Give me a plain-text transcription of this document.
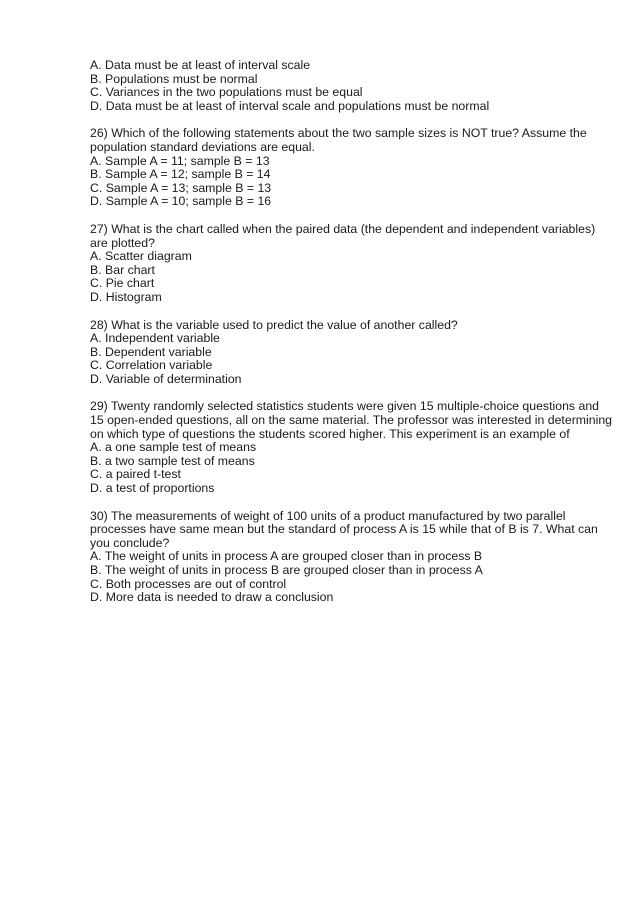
A. Data must be at least of interval scale
B. Populations must be normal
C. Variances in the two populations must be equal
D. Data must be at least of interval scale and populations must be normal
26) Which of the following statements about the two sample sizes is NOT true? Assume the
population standard deviations are equal.
A. Sample A = 11; sample B = 13
B. Sample A = 12; sample B = 14
C. Sample A = 13; sample B = 13
D. Sample A = 10; sample B = 16
27) What is the chart called when the paired data (the dependent and independent variables)
are plotted?
A. Scatter diagram
B. Bar chart
C. Pie chart
D. Histogram
28) What is the variable used to predict the value of another called?
A. Independent variable
B. Dependent variable
C. Correlation variable
D. Variable of determination
29) Twenty randomly selected statistics students were given 15 multiple-choice questions and
15 open-ended questions, all on the same material. The professor was interested in determining
on which type of questions the students scored higher. This experiment is an example of
A. a one sample test of means
B. a two sample test of means
C. a paired t-test
D. a test of proportions
30) The measurements of weight of 100 units of a product manufactured by two parallel
processes have same mean but the standard of process A is 15 while that of B is 7. What can
you conclude?
A. The weight of units in process A are grouped closer than in process B
B. The weight of units in process B are grouped closer than in process A
C. Both processes are out of control
D. More data is needed to draw a conclusion
